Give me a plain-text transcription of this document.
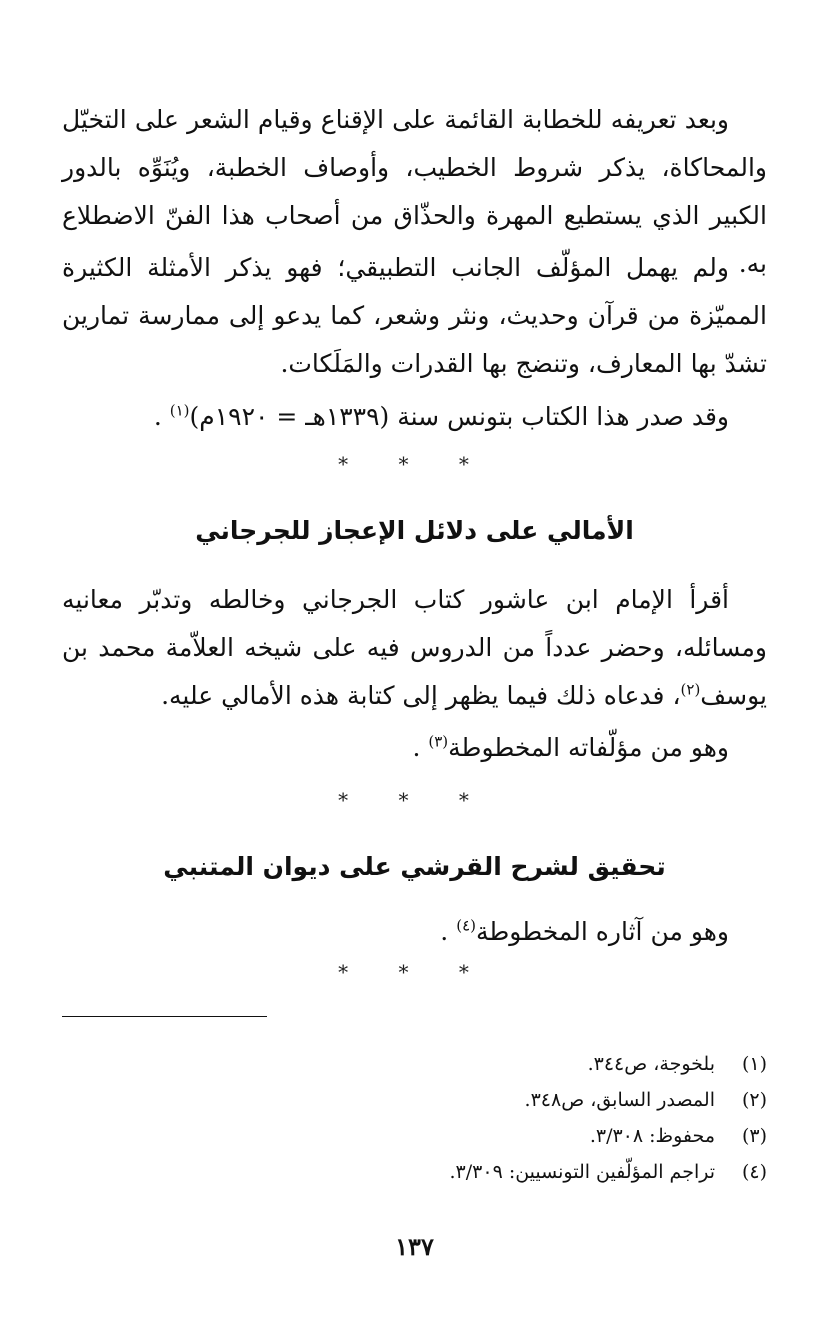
وبعد تعريفه للخطابة القائمة على الإقناع وقيام الشعر على التخيّل والمحاكاة، يذكر شروط الخطيب، وأوصاف الخطبة، ويُنَوِّه بالدور الكبير الذي يستطيع المهرة والحذّاق من أصحاب هذا الفنّ الاضطلاع به.

ولم يهمل المؤلّف الجانب التطبيقي؛ فهو يذكر الأمثلة الكثيرة المميّزة من قرآن وحديث، ونثر وشعر، كما يدعو إلى ممارسة تمارين تشدّ بها المعارف، وتنضج بها القدرات والمَلَكات.

وقد صدر هذا الكتاب بتونس سنة (١٣٣٩هـ = ١٩٢٠م)$^{(١)}$ .

* * *
الأمالي على دلائل الإعجاز للجرجاني

أقرأ الإمام ابن عاشور كتاب الجرجاني وخالطه وتدبّر معانيه ومسائله، وحضر عدداً من الدروس فيه على شيخه العلاّمة محمد بن يوسف$^{(٢)}$، فدعاه ذلك فيما يظهر إلى كتابة هذه الأمالي عليه.

وهو من مؤلّفاته المخطوطة$^{(٣)}$ .

* * *
تحقيق لشرح القرشي على ديوان المتنبي

وهو من آثاره المخطوطة$^{(٤)}$ .

* * *
(١)
بلخوجة، ص٣٤٤.
(٢)
المصدر السابق، ص٣٤٨.
(٣)
محفوظ: ٣/٣٠٨.
(٤)
تراجم المؤلّفين التونسيين: ٣/٣٠٩.
١٣٧
